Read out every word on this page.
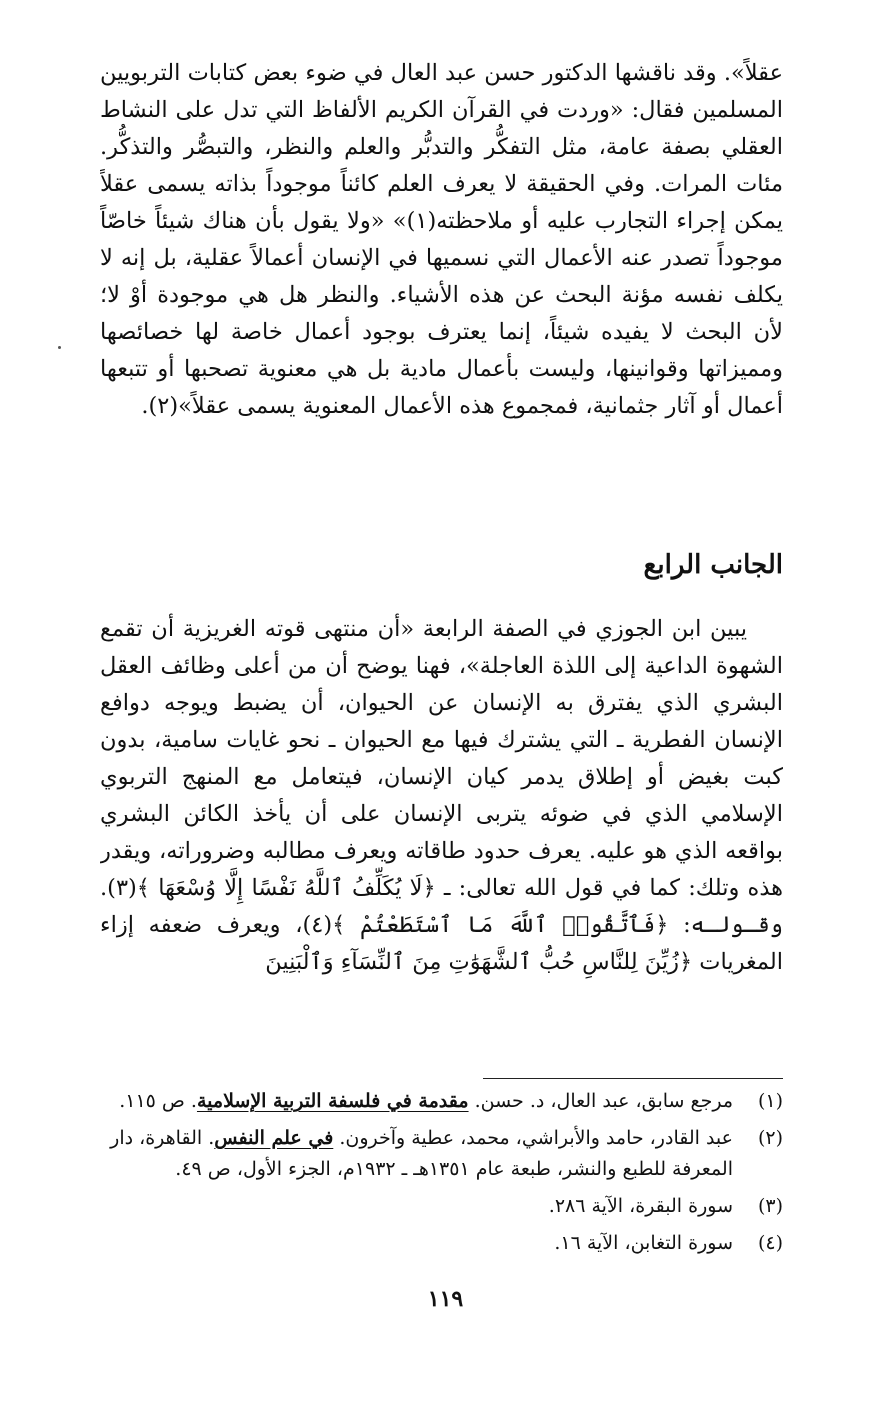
عقلاً». وقد ناقشها الدكتور حسن عبد العال في ضوء بعض كتابات التربويين المسلمين فقال: «وردت في القرآن الكريم الألفاظ التي تدل على النشاط العقلي بصفة عامة، مثل التفكُّر والتدبُّر والعلم والنظر، والتبصُّر والتذكُّر. مئات المرات. وفي الحقيقة لا يعرف العلم كائناً موجوداً بذاته يسمى عقلاً يمكن إجراء التجارب عليه أو ملاحظته(١)» «ولا يقول بأن هناك شيئاً خاصّاً موجوداً تصدر عنه الأعمال التي نسميها في الإنسان أعمالاً عقلية، بل إنه لا يكلف نفسه مؤنة البحث عن هذه الأشياء. والنظر هل هي موجودة أوْ لا؛ لأن البحث لا يفيده شيئاً، إنما يعترف بوجود أعمال خاصة لها خصائصها ومميزاتها وقوانينها، وليست بأعمال مادية بل هي معنوية تصحبها أو تتبعها أعمال أو آثار جثمانية، فمجموع هذه الأعمال المعنوية يسمى عقلاً»(٢).

الجانب الرابع

يبين ابن الجوزي في الصفة الرابعة «أن منتهى قوته الغريزية أن تقمع الشهوة الداعية إلى اللذة العاجلة»، فهنا يوضح أن من أعلى وظائف العقل البشري الذي يفترق به الإنسان عن الحيوان، أن يضبط ويوجه دوافع الإنسان الفطرية ـ التي يشترك فيها مع الحيوان ـ نحو غايات سامية، بدون كبت بغيض أو إطلاق يدمر كيان الإنسان، فيتعامل مع المنهج التربوي الإسلامي الذي في ضوئه يتربى الإنسان على أن يأخذ الكائن البشري بواقعه الذي هو عليه. يعرف حدود طاقاته ويعرف مطالبه وضروراته، ويقدر هذه وتلك: كما في قول الله تعالى: ـ ﴿لَا يُكَلِّفُ ٱللَّهُ نَفْسًا إِلَّا وُسْعَهَا ﴾(٣). وقـولـه: ﴿فَٱتَّقُوا۟ ٱللَّهَ مَا ٱسْتَطَعْتُمْ ﴾(٤)، ويعرف ضعفه إزاء المغريات ﴿زُيِّنَ لِلنَّاسِ حُبُّ ٱلشَّهَوَٰتِ مِنَ ٱلنِّسَآءِ وَٱلْبَنِينَ

(١)
مرجع سابق، عبد العال، د. حسن. مقدمة في فلسفة التربية الإسلامية. ص ١١٥.
(٢)
عبد القادر، حامد والأبراشي، محمد، عطية وآخرون. في علم النفس. القاهرة، دار المعرفة للطبع والنشر، طبعة عام ١٣٥١هـ ـ ١٩٣٢م، الجزء الأول، ص ٤٩.
(٣)
سورة البقرة، الآية ٢٨٦.
(٤)
سورة التغابن، الآية ١٦.
١١٩
